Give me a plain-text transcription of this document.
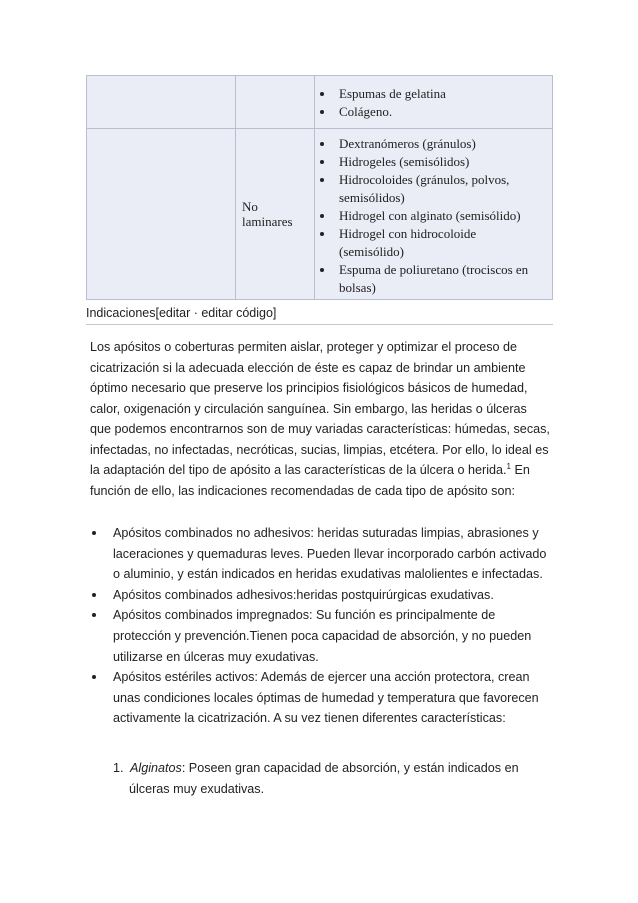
Espumas de gelatina
Colágeno.
No laminares
Dextranómeros (gránulos)
Hidrogeles (semisólidos)
Hidrocoloides (gránulos, polvos, semisólidos)
Hidrogel con alginato (semisólido)
Hidrogel con hidrocoloide (semisólido)
Espuma de poliuretano (trociscos en bolsas)
Indicaciones[editar · editar código]

Los apósitos o coberturas permiten aislar, proteger y optimizar el proceso de cicatrización si la adecuada elección de éste es capaz de brindar un ambiente óptimo necesario que preserve los principios fisiológicos básicos de humedad, calor, oxigenación y circulación sanguínea. Sin embargo, las heridas o úlceras que podemos encontrarnos son de muy variadas características: húmedas, secas, infectadas, no infectadas, necróticas, sucias, limpias, etcétera. Por ello, lo ideal es la adaptación del tipo de apósito a las características de la úlcera o herida.$^1$ En función de ello, las indicaciones recomendadas de cada tipo de apósito son:

Apósitos combinados no adhesivos: heridas suturadas limpias, abrasiones y laceraciones y quemaduras leves. Pueden llevar incorporado carbón activado o aluminio, y están indicados en heridas exudativas malolientes e infectadas.
Apósitos combinados adhesivos:heridas postquirúrgicas exudativas.
Apósitos combinados impregnados: Su función es principalmente de protección y prevención.Tienen poca capacidad de absorción, y no pueden utilizarse en úlceras muy exudativas.
Apósitos estériles activos: Además de ejercer una acción protectora, crean unas condiciones locales óptimas de humedad y temperatura que favorecen activamente la cicatrización. A su vez tienen diferentes características:
1. Alginatos: Poseen gran capacidad de absorción, y están indicados en úlceras muy exudativas.
